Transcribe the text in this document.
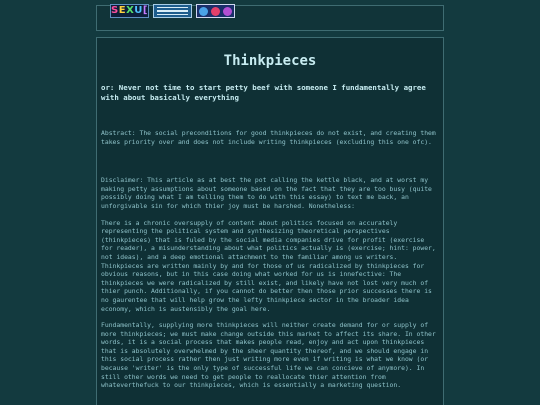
S E X U [
Thinkpieces
or: Never not time to start petty beef with someone I fundamentally agree with about basically everything

Abstract: The social preconditions for good thinkpieces do not exist, and creating them takes priority over and does not include writing thinkpieces (excluding this one ofc).

Disclaimer: This article as at best the pot calling the kettle black, and at worst my making petty assumptions about someone based on the fact that they are too busy (quite possibly doing what I am telling them to do with this essay) to text me back, an unforgivable sin for which thier joy must be harshed. Nonetheless:

There is a chronic oversupply of content about politics focused on accurately representing the political system and synthesizing theoretical perspectives (thinkpieces) that is fuled by the social media companies drive for profit (exercise for reader), a misunderstanding about what politics actually is (exercise; hint: power, not ideas), and a deep emotional attachment to the familiar among us writers. Thinkpieces are written mainly by and for those of us radicalized by thinkpieces for obvious reasons, but in this case doing what worked for us is innefective: The thinkpieces we were radicalized by still exist, and likely have not lost very much of thier punch. Additionally, if you cannot do better then those prior successes there is no gaurentee that will help grow the lefty thinkpiece sector in the broader idea economy, which is austensibly the goal here.

Fundamentally, supplying more thinkpieces will neither create demand for or supply of more thinkpieces; we must make change outside this market to affect its share. In other words, it is a social process that makes people read, enjoy and act upon thinkpieces that is absolutely overwhelmed by the sheer quantity thereof, and we should engage in this social process rather then just writing more even if writing is what we know (or because 'writer' is the only type of successful life we can concieve of anymore). In still other words we need to get people to reallocate thier attention from whateverthefuck to our thinkpieces, which is essentially a marketing question.
